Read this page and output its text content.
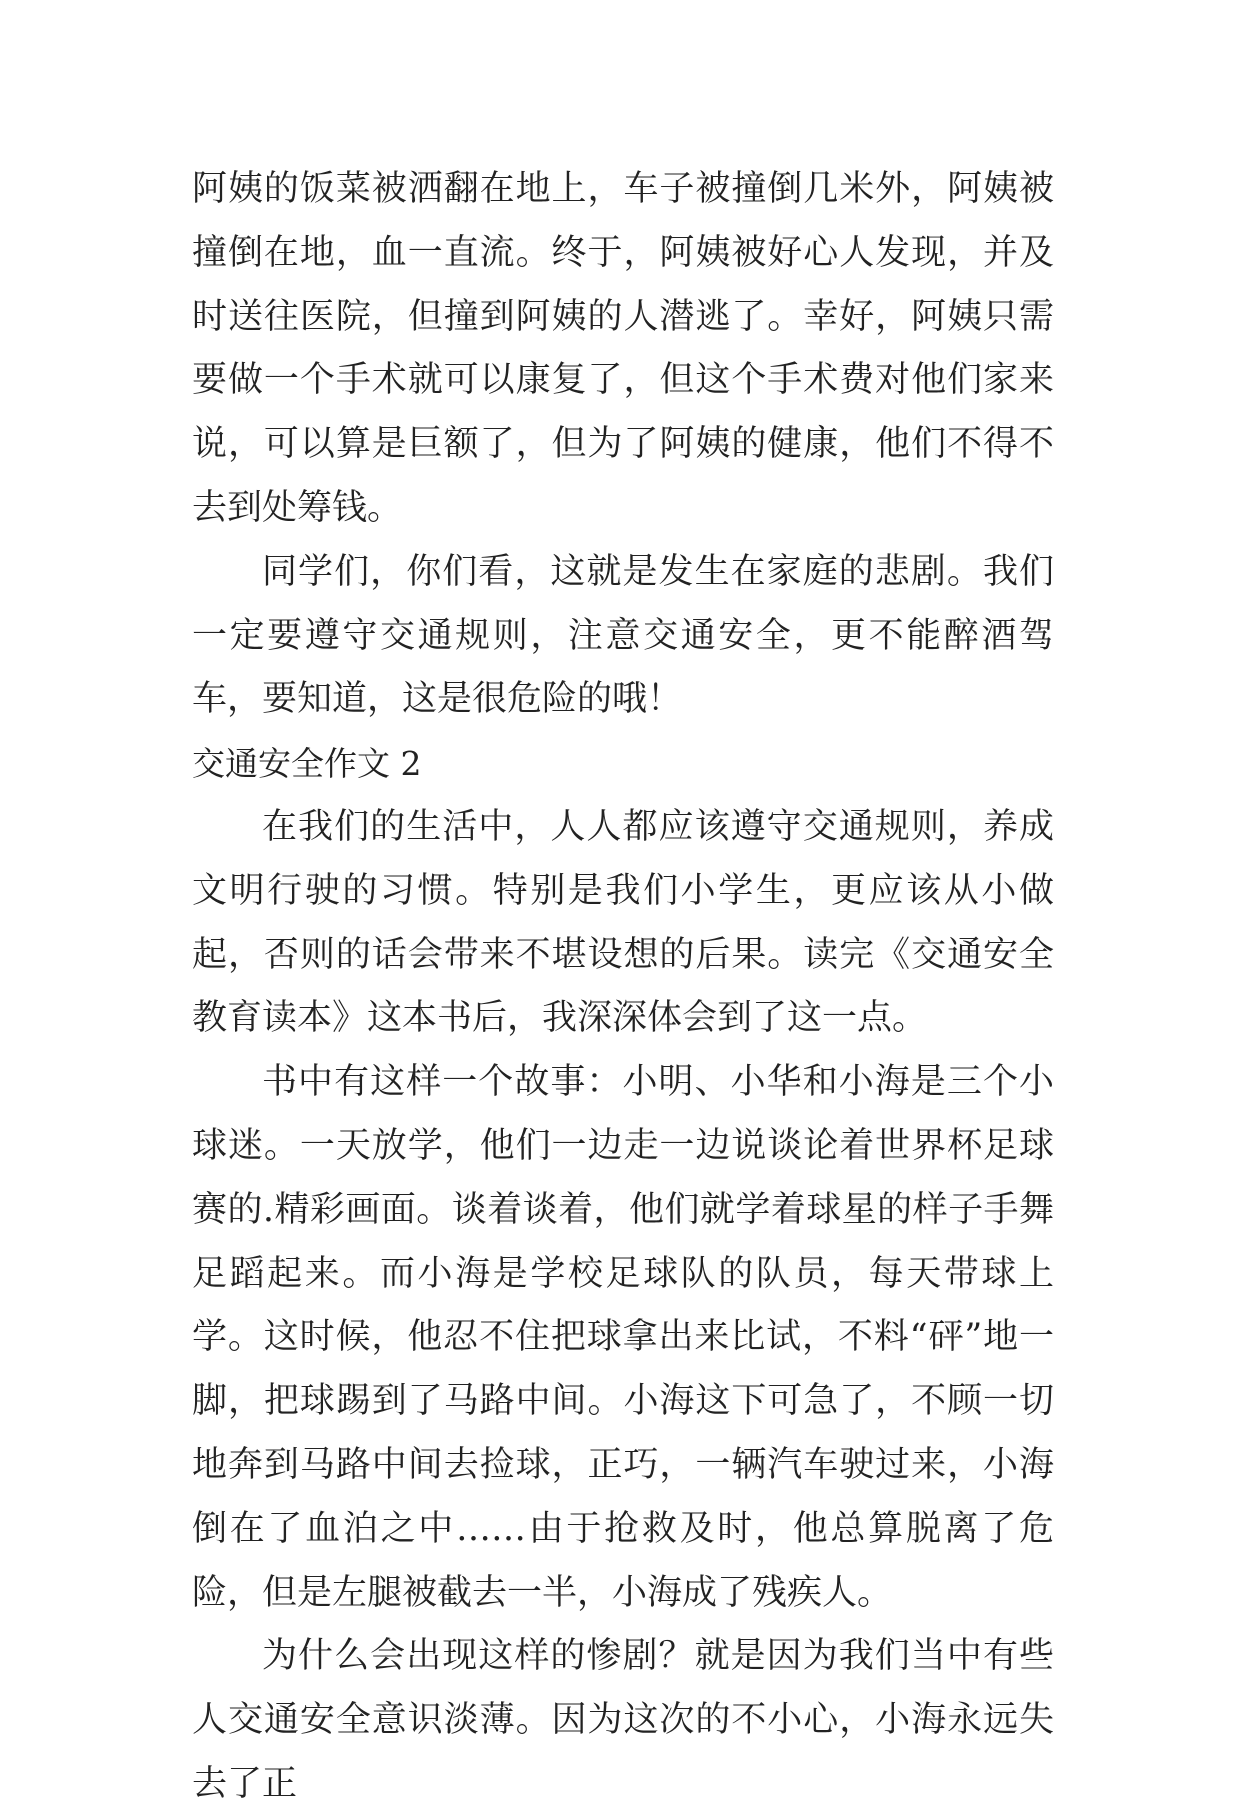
阿姨的饭菜被洒翻在地上，车子被撞倒几米外，阿姨被撞倒在地，血一直流。终于，阿姨被好心人发现，并及时送往医院，但撞到阿姨的人潜逃了。幸好，阿姨只需要做一个手术就可以康复了，但这个手术费对他们家来说，可以算是巨额了，但为了阿姨的健康，他们不得不去到处筹钱。

同学们，你们看，这就是发生在家庭的悲剧。我们一定要遵守交通规则，注意交通安全，更不能醉酒驾车，要知道，这是很危险的哦！

交通安全作文 2

在我们的生活中，人人都应该遵守交通规则，养成文明行驶的习惯。特别是我们小学生，更应该从小做起，否则的话会带来不堪设想的后果。读完《交通安全教育读本》这本书后，我深深体会到了这一点。

书中有这样一个故事：小明、小华和小海是三个小球迷。一天放学，他们一边走一边说谈论着世界杯足球赛的.精彩画面。谈着谈着，他们就学着球星的样子手舞足蹈起来。而小海是学校足球队的队员，每天带球上学。这时候，他忍不住把球拿出来比试，不料“砰”地一脚，把球踢到了马路中间。小海这下可急了，不顾一切地奔到马路中间去捡球，正巧，一辆汽车驶过来，小海倒在了血泊之中……由于抢救及时，他总算脱离了危险，但是左腿被截去一半，小海成了残疾人。

为什么会出现这样的惨剧？就是因为我们当中有些人交通安全意识淡薄。因为这次的不小心，小海永远失去了正
